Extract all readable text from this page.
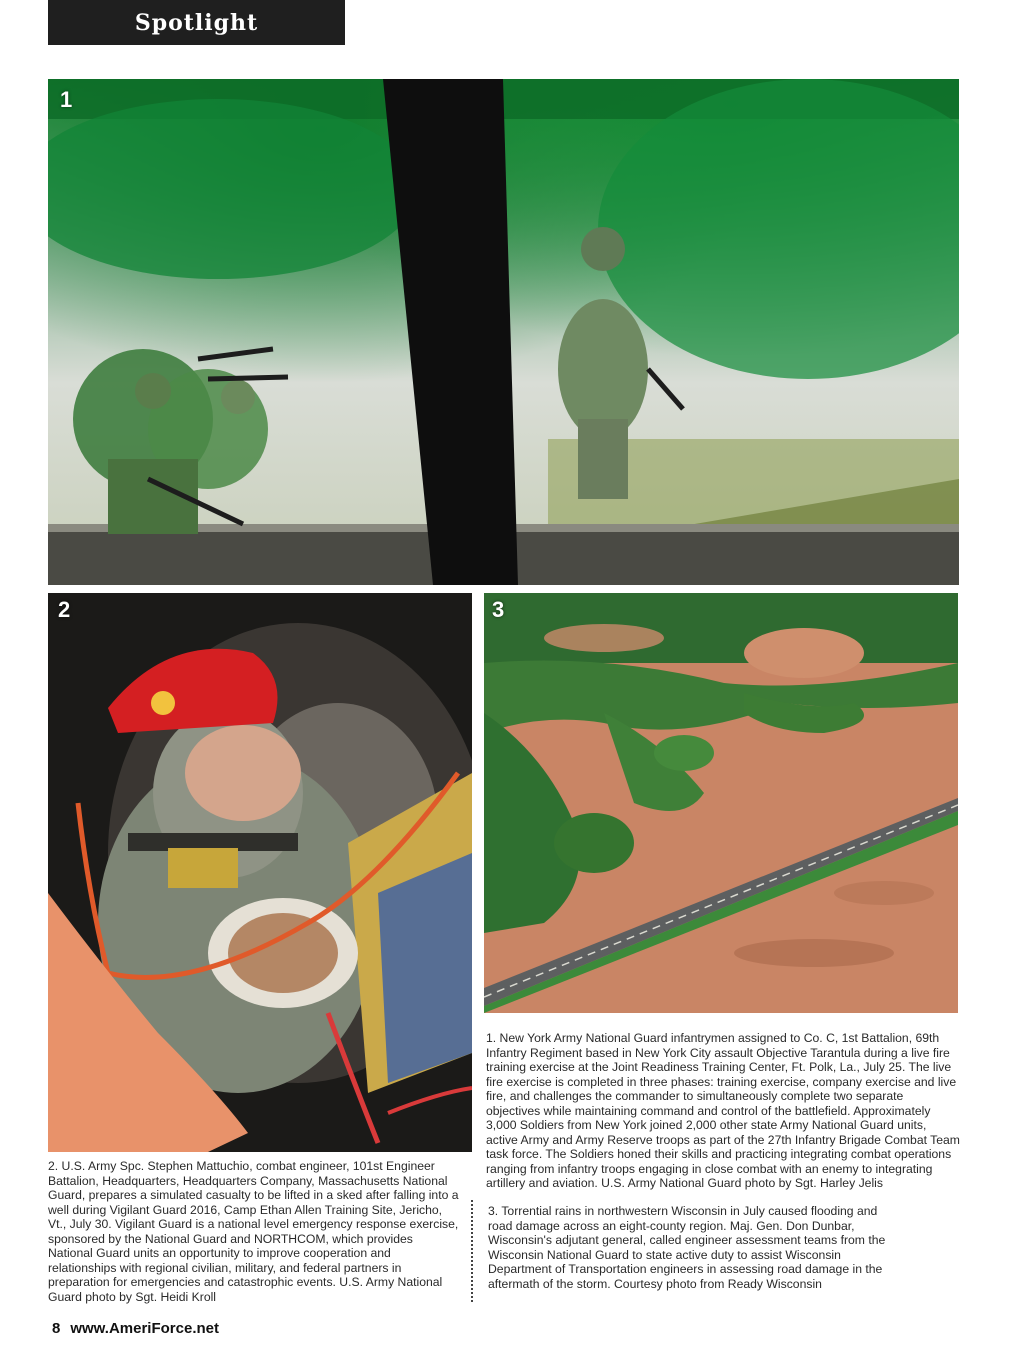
Spotlight
1
2	3
1. New York Army National Guard infantrymen assigned to Co. C, 1st Battalion, 69th Infantry Regiment based in New York City assault Objective Tarantula during a live fire training exercise at the Joint Readiness Training Center, Ft. Polk, La., July 25. The live fire exercise is completed in three phases: training exercise, company exercise and live fire, and challenges the commander to simultaneously complete two separate objectives while maintaining command and control of the battlefield. Approximately 3,000 Soldiers from New York joined 2,000 other state Army National Guard units, active Army and Army Reserve troops as part of the 27th Infantry Brigade Combat Team task force. The Soldiers honed their skills and practicing integrating combat operations ranging from infantry troops engaging in close combat with an enemy to integrating artillery and aviation. U.S. Army National Guard photo by Sgt. Harley Jelis
2. U.S. Army Spc. Stephen Mattuchio, combat engineer, 101st Engineer Battalion, Headquarters, Headquarters Company, Massachusetts National Guard, prepares a simulated casualty to be lifted in a sked after falling into a well during Vigilant Guard 2016, Camp Ethan Allen Training Site, Jericho, Vt., July 30. Vigilant Guard is a national level emergency response exercise, sponsored by the National Guard and NORTHCOM, which provides National Guard units an opportunity to improve cooperation and relationships with regional civilian, military, and federal partners in preparation for emergencies and catastrophic events. U.S. Army National Guard photo by Sgt. Heidi Kroll
3. Torrential rains in northwestern Wisconsin in July caused flooding and road damage across an eight-county region. Maj. Gen. Don Dunbar, Wisconsin's adjutant general, called engineer assessment teams from the Wisconsin National Guard to state active duty to assist Wisconsin Department of Transportation engineers in assessing road damage in the aftermath of the storm. Courtesy photo from Ready Wisconsin
8 www.AmeriForce.net
